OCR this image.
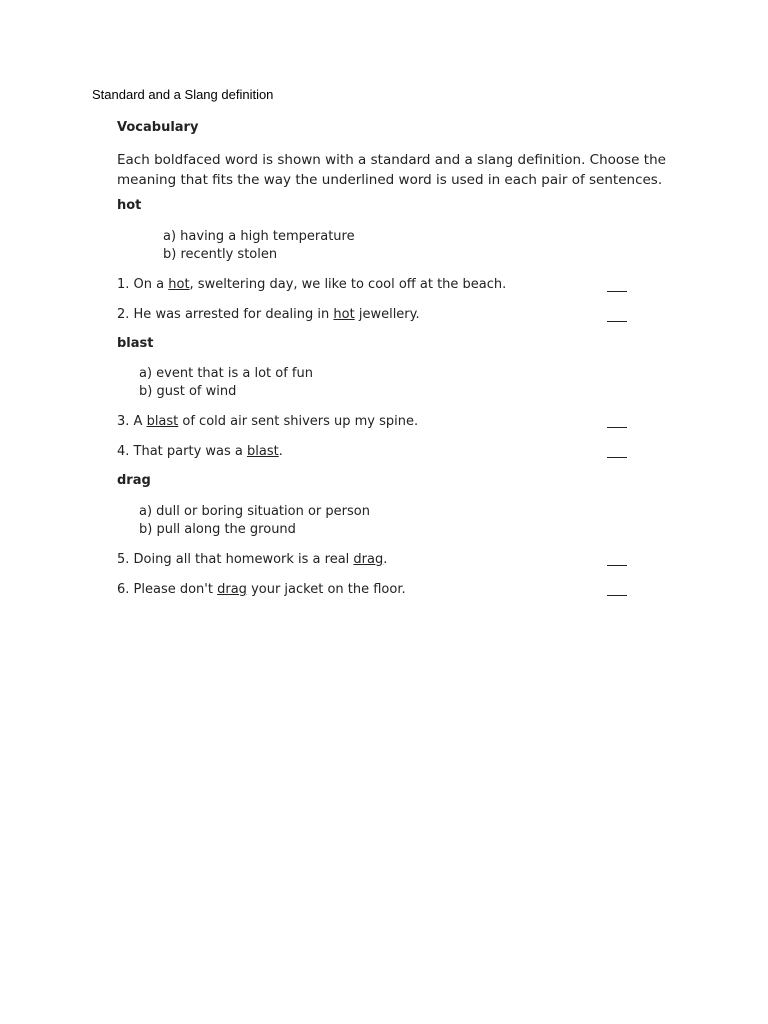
Standard and a Slang definition
Vocabulary
Each boldfaced word is shown with a standard and a slang definition. Choose the meaning that fits the way the underlined word is used in each pair of sentences.
hot
a) having a high temperature
b) recently stolen
1. On a hot, sweltering day, we like to cool off at the beach.
2. He was arrested for dealing in hot jewellery.
blast
a) event that is a lot of fun
b) gust of wind
3. A blast of cold air sent shivers up my spine.
4. That party was a blast.
drag
a) dull or boring situation or person
b) pull along the ground
5. Doing all that homework is a real drag.
6. Please don't drag your jacket on the floor.
